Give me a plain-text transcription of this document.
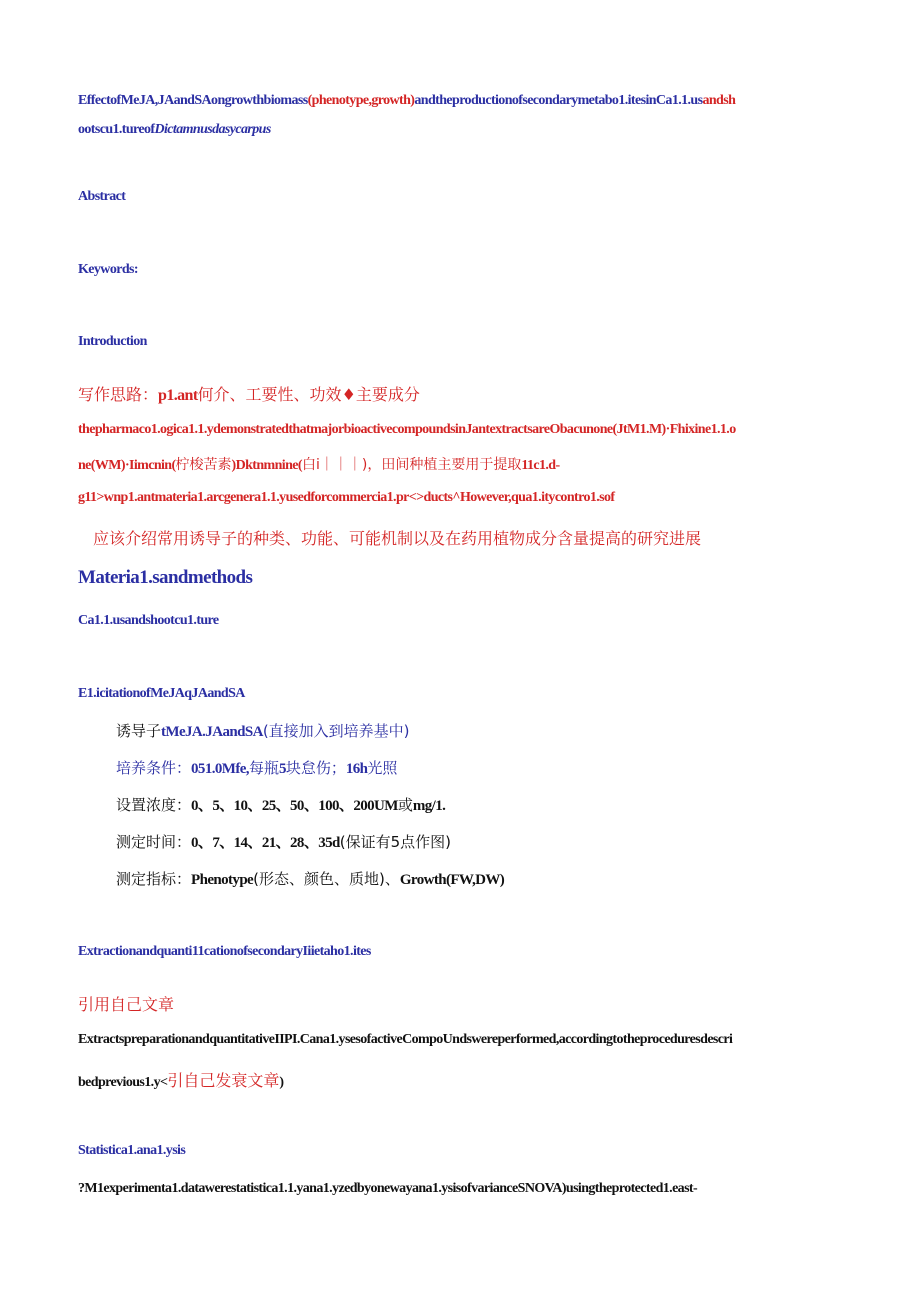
EffectofMeJA,JAandSAongrowthbiomass(phenotype,growth)andtheproductionofsecondarymetabo1.itesinCa1.1.usandsh
ootscu1.tureofDictamnusdasycarpus
Abstract
Keywords:
Introduction
写作思路：p1.ant何介、工要性、功效♦主要成分
thepharmaco1.ogica1.1.ydemonstratedthatmajorbioactivecompoundsinJantextractsareObacunone(JtM1.M)·Fhixine1.1.o
ne(WM)·Iimcnin(柠梭苦素)Dktnmnine(白i｜｜｜)，田间种植主要用于提取11c1.d-
g11>wnp1.antmateria1.arcgenera1.1.yusedforcommercia1.pr<>ducts^However,qua1.itycontro1.sof
应该介绍常用诱导子的种类、功能、可能机制以及在药用植物成分含量提高的研究进展
Materia1.sandmethods
Ca1.1.usandshootcu1.ture
E1.icitationofMeJAqJAandSA
诱导子tMeJA.JAandSA(直接加入到培养基中)
培养条件：051.0Mfe,每瓶5块怠伤；16h光照
设置浓度：0、5、10、25、50、100、200UM或mg/1.
测定时间：0、7、14、21、28、35d(保证有5点作图)
测定指标：Phenotype(形态、颜色、质地)、Growth(FW,DW)
Extractionandquanti11cationofsecondaryIiietaho1.ites
引用自己文章
ExtractspreparationandquantitativeIIPI.Cana1.ysesofactiveCompoUndswereperformed,accordingtotheproceduresdescri
bedprevious1.y<引自己发衰文章)
Statistica1.ana1.ysis
?M1experimenta1.datawerestatistica1.1.yana1.yzedbyonewayana1.ysisofvarianceSNOVA)usingtheprotected1.east-
